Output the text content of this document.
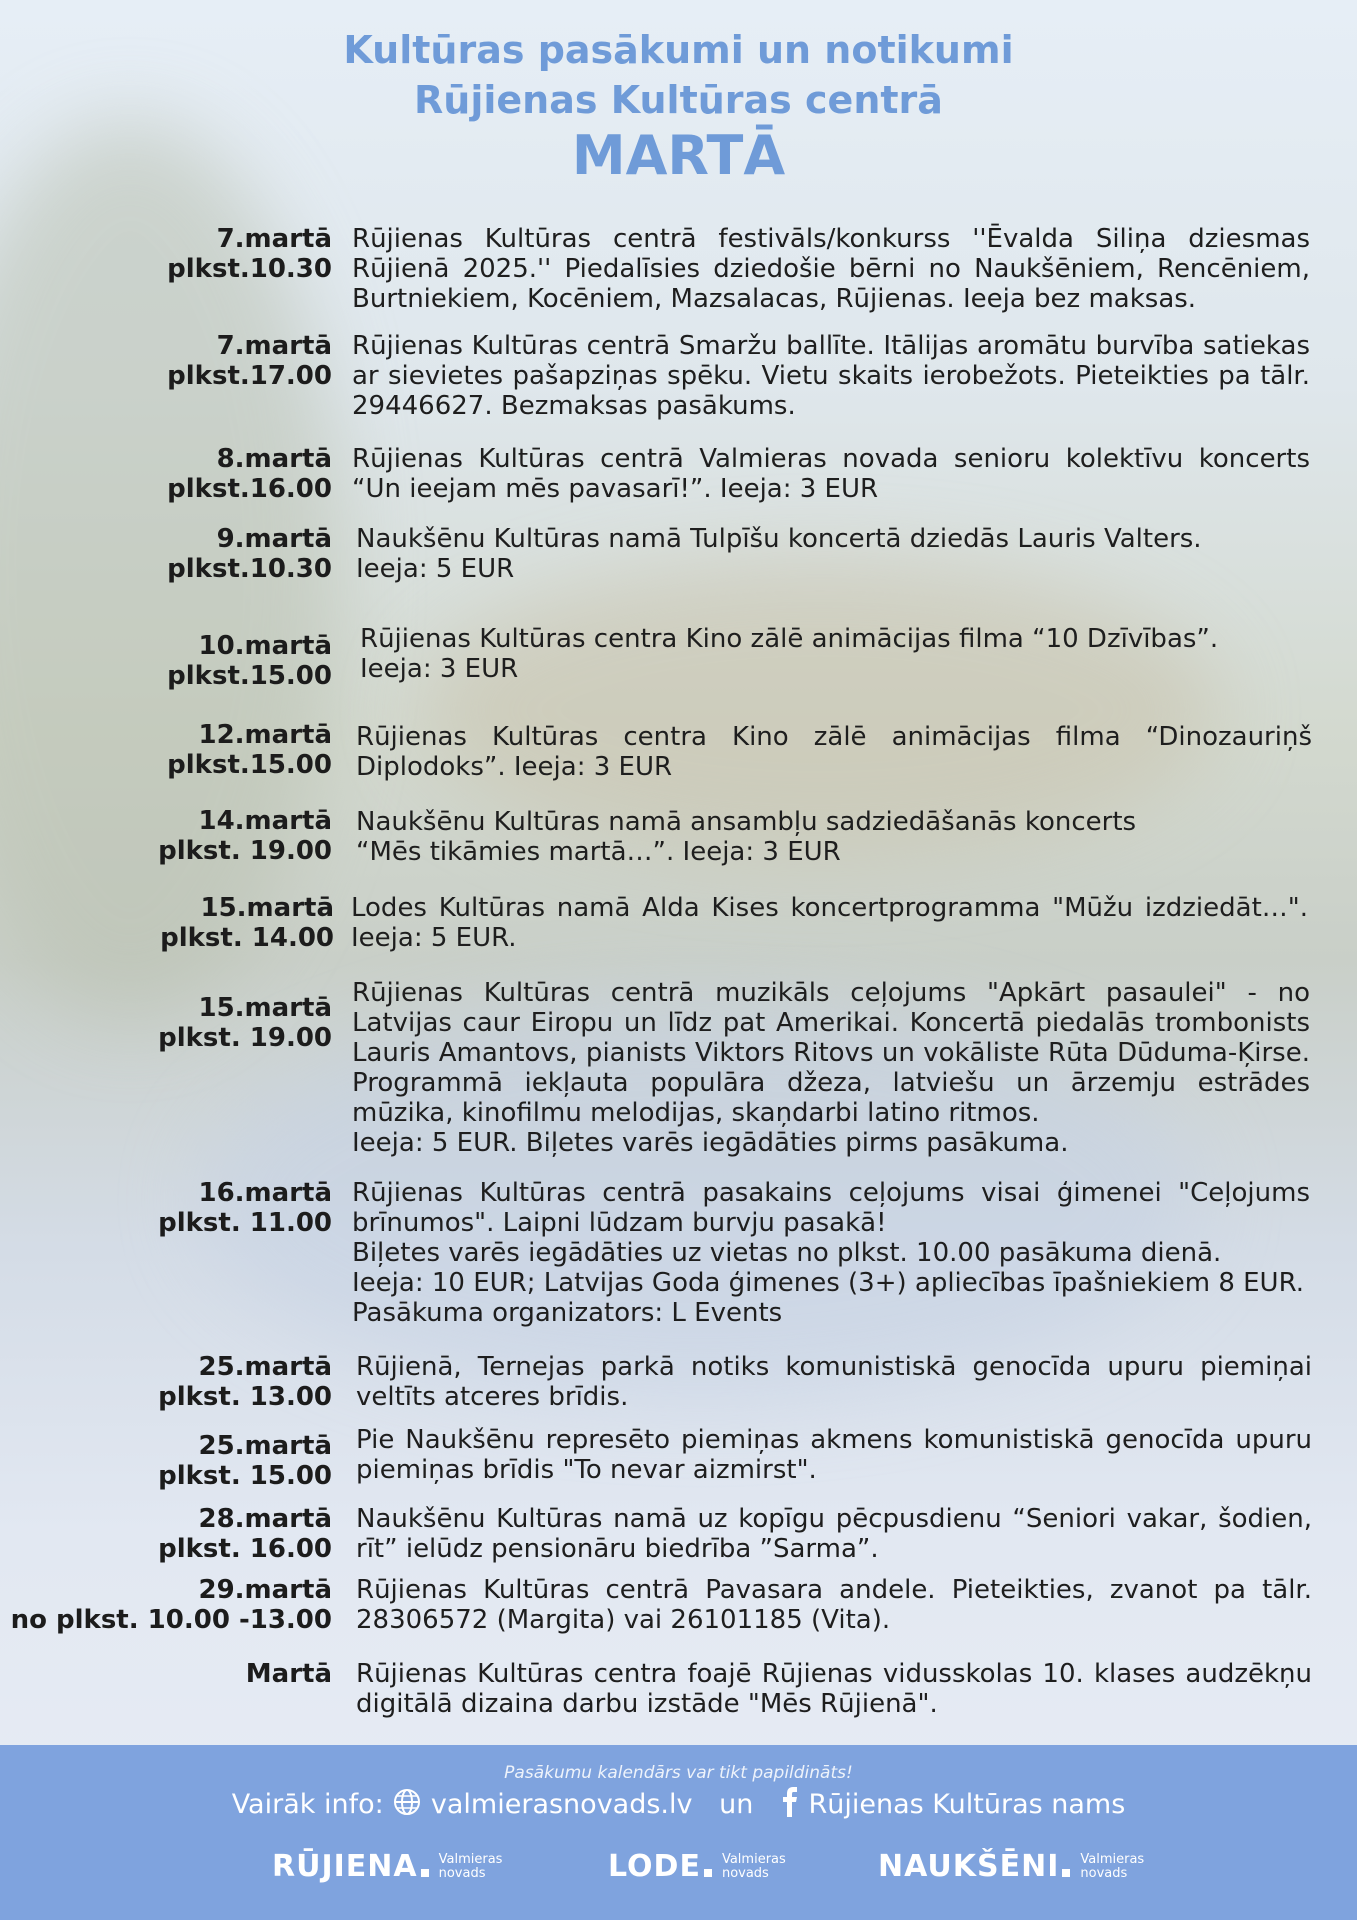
Kultūras pasākumi un notikumi
Rūjienas Kultūras centrā
MARTĀ
7.martā
plkst.10.30
Rūjienas Kultūras centrā festivāls/konkurss ''Ēvalda Siliņa dziesmas Rūjienā 2025.'' Piedalīsies dziedošie bērni no Naukšēniem, Rencēniem, Burtniekiem, Kocēniem, Mazsalacas, Rūjienas. Ieeja bez maksas.
7.martā
plkst.17.00
Rūjienas Kultūras centrā Smaržu ballīte. Itālijas aromātu burvība satiekas ar sievietes pašapziņas spēku. Vietu skaits ierobežots. Pieteikties pa tālr. 29446627. Bezmaksas pasākums.
8.martā
plkst.16.00
Rūjienas Kultūras centrā Valmieras novada senioru kolektīvu koncerts “Un ieejam mēs pavasarī!”. Ieeja: 3 EUR
9.martā
plkst.10.30
Naukšēnu Kultūras namā Tulpīšu koncertā dziedās Lauris Valters.
Ieeja: 5 EUR
10.martā
plkst.15.00
Rūjienas Kultūras centra Kino zālē animācijas filma “10 Dzīvības”.
Ieeja: 3 EUR
12.martā
plkst.15.00
Rūjienas Kultūras centra Kino zālē animācijas filma “Dinozauriņš Diplodoks”. Ieeja: 3 EUR
14.martā
plkst. 19.00
Naukšēnu Kultūras namā ansambļu sadziedāšanās koncerts
“Mēs tikāmies martā…”. Ieeja: 3 EUR
15.martā
plkst. 14.00
Lodes Kultūras namā Alda Kises koncertprogramma "Mūžu izdziedāt…". Ieeja: 5 EUR.
15.martā
plkst. 19.00
Rūjienas Kultūras centrā muzikāls ceļojums "Apkārt pasaulei" - no Latvijas caur Eiropu un līdz pat Amerikai. Koncertā piedalās trombonists Lauris Amantovs, pianists Viktors Ritovs un vokāliste Rūta Dūduma-Ķirse. Programmā iekļauta populāra džeza, latviešu un ārzemju estrādes mūzika, kinofilmu melodijas, skaņdarbi latino ritmos.
Ieeja: 5 EUR. Biļetes varēs iegādāties pirms pasākuma.
16.martā
plkst. 11.00
Rūjienas Kultūras centrā pasakains ceļojums visai ģimenei "Ceļojums brīnumos". Laipni lūdzam burvju pasakā!
Biļetes varēs iegādāties uz vietas no plkst. 10.00 pasākuma dienā.
Ieeja: 10 EUR; Latvijas Goda ģimenes (3+) apliecības īpašniekiem 8 EUR.
Pasākuma organizators: L Events
25.martā
plkst. 13.00
Rūjienā, Ternejas parkā notiks komunistiskā genocīda upuru piemiņai veltīts atceres brīdis.
25.martā
plkst. 15.00
Pie Naukšēnu represēto piemiņas akmens komunistiskā genocīda upuru piemiņas brīdis "To nevar aizmirst".
28.martā
plkst. 16.00
Naukšēnu Kultūras namā uz kopīgu pēcpusdienu “Seniori vakar, šodien, rīt” ielūdz pensionāru biedrība ”Sarma”.
29.martā
no plkst. 10.00 -13.00
Rūjienas Kultūras centrā Pavasara andele. Pieteikties, zvanot pa tālr. 28306572 (Margita) vai 26101185 (Vita).
Martā Rūjienas Kultūras centra foajē Rūjienas vidusskolas 10. klases audzēkņu digitālā dizaina darbu izstāde "Mēs Rūjienā".
Pasākumu kalendārs var tikt papildināts!
Vairāk info: valmierasnovads.lv un Rūjienas Kultūras nams
RŪJIENA Valmieras
novads	LODE Valmieras
novads	NAUKŠĒNI Valmieras
novads
